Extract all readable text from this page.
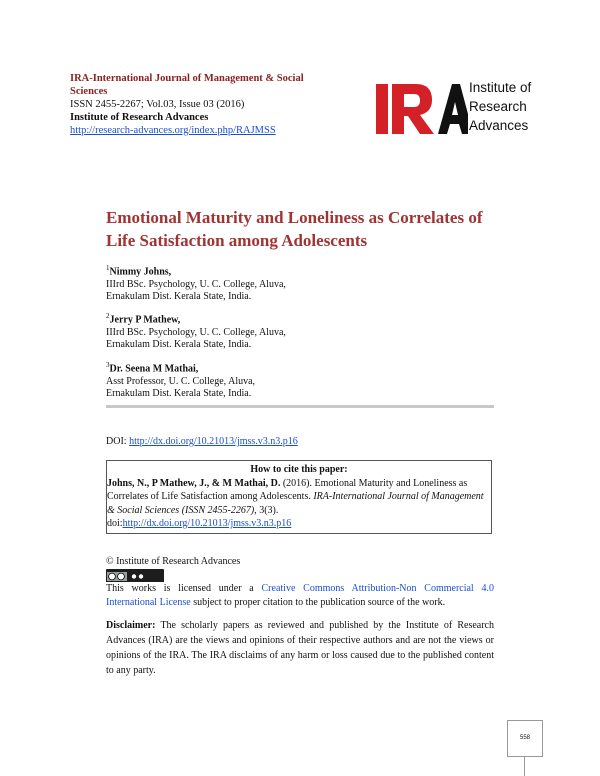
IRA-International Journal of Management & Social Sciences
ISSN 2455-2267; Vol.03, Issue 03 (2016)
Institute of Research Advances
http://research-advances.org/index.php/RAJMSS
Institute of
Research
Advances
Emotional Maturity and Loneliness as Correlates of Life Satisfaction among Adolescents
$^1$Nimmy Johns,
IIIrd BSc. Psychology, U. C. College, Aluva,
Ernakulam Dist. Kerala State, India.
$^2$Jerry P Mathew,
IIIrd BSc. Psychology, U. C. College, Aluva,
Ernakulam Dist. Kerala State, India.
$^3$Dr. Seena M Mathai,
Asst Professor, U. C. College, Aluva,
Ernakulam Dist. Kerala State, India.
DOI: http://dx.doi.org/10.21013/jmss.v3.n3.p16
How to cite this paper:
Johns, N., P Mathew, J., & M Mathai, D. (2016). Emotional Maturity and Loneliness as Correlates of Life Satisfaction among Adolescents. IRA-International Journal of Management & Social Sciences (ISSN 2455-2267), 3(3).
doi:http://dx.doi.org/10.21013/jmss.v3.n3.p16
© Institute of Research Advances
This works is licensed under a Creative Commons Attribution-Non Commercial 4.0 International License subject to proper citation to the publication source of the work.
Disclaimer: The scholarly papers as reviewed and published by the Institute of Research Advances (IRA) are the views and opinions of their respective authors and are not the views or opinions of the IRA. The IRA disclaims of any harm or loss caused due to the published content to any party.
558
